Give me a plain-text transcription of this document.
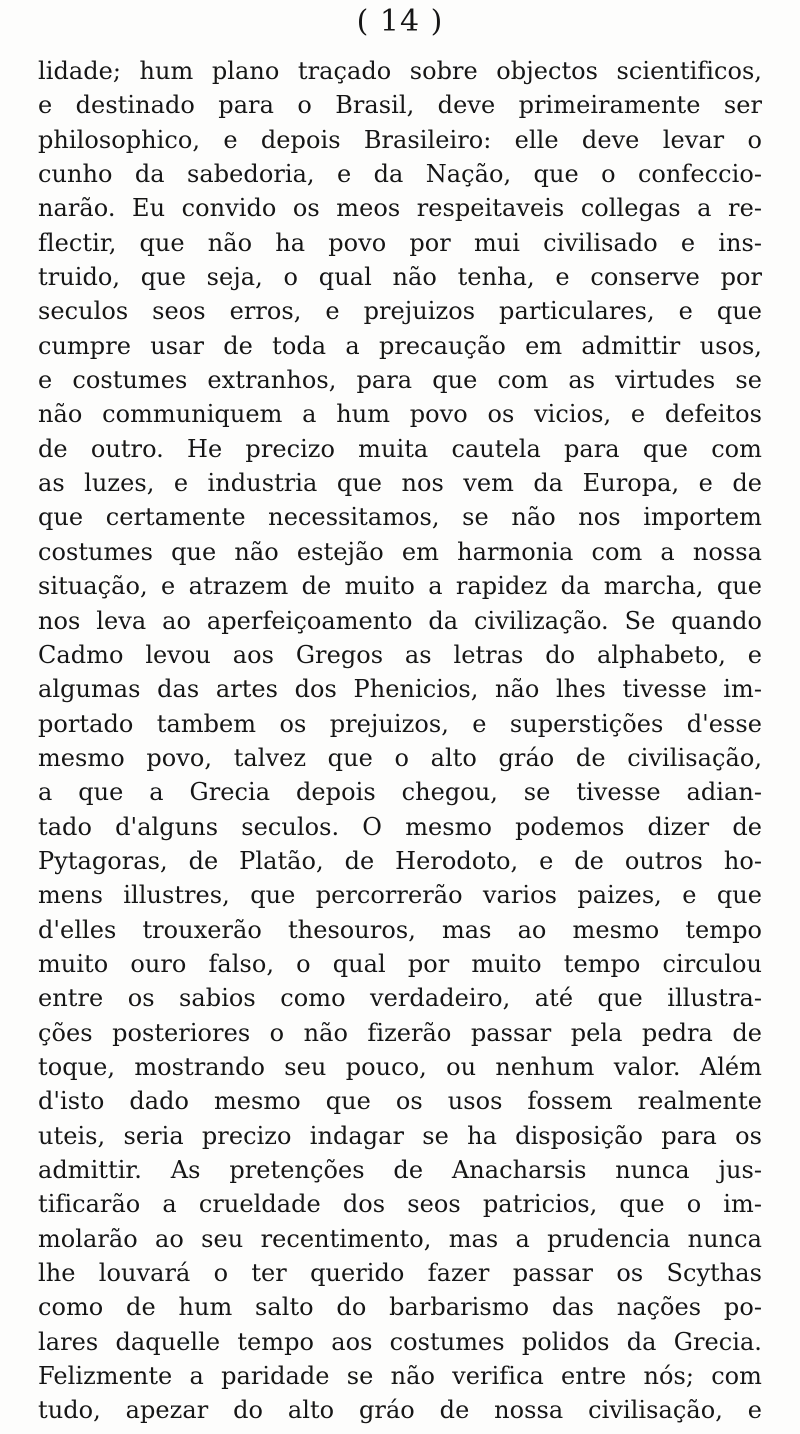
( 14 )
lidade; hum plano traçado sobre objectos scientificos,
e destinado para o Brasil, deve primeiramente ser
philosophico, e depois Brasileiro: elle deve levar o
cunho da sabedoria, e da Nação, que o confeccio-
narão. Eu convido os meos respeitaveis collegas a re-
flectir, que não ha povo por mui civilisado e ins-
truido, que seja, o qual não tenha, e conserve por
seculos seos erros, e prejuizos particulares, e que
cumpre usar de toda a precaução em admittir usos,
e costumes extranhos, para que com as virtudes se
não communiquem a hum povo os vicios, e defeitos
de outro. He precizo muita cautela para que com
as luzes, e industria que nos vem da Europa, e de
que certamente necessitamos, se não nos importem
costumes que não estejão em harmonia com a nossa
situação, e atrazem de muito a rapidez da marcha, que
nos leva ao aperfeiçoamento da civilização. Se quando
Cadmo levou aos Gregos as letras do alphabeto, e
algumas das artes dos Phenicios, não lhes tivesse im-
portado tambem os prejuizos, e superstições d'esse
mesmo povo, talvez que o alto gráo de civilisação,
a que a Grecia depois chegou, se tivesse adian-
tado d'alguns seculos. O mesmo podemos dizer de
Pytagoras, de Platão, de Herodoto, e de outros ho-
mens illustres, que percorrerão varios paizes, e que
d'elles trouxerão thesouros, mas ao mesmo tempo
muito ouro falso, o qual por muito tempo circulou
entre os sabios como verdadeiro, até que illustra-
ções posteriores o não fizerão passar pela pedra de
toque, mostrando seu pouco, ou nenhum valor. Além
d'isto dado mesmo que os usos fossem realmente
uteis, seria precizo indagar se ha disposição para os
admittir. As pretenções de Anacharsis nunca jus-
tificarão a crueldade dos seos patricios, que o im-
molarão ao seu recentimento, mas a prudencia nunca
lhe louvará o ter querido fazer passar os Scythas
como de hum salto do barbarismo das nações po-
lares daquelle tempo aos costumes polidos da Grecia.
Felizmente a paridade se não verifica entre nós; com
tudo, apezar do alto gráo de nossa civilisação, e
